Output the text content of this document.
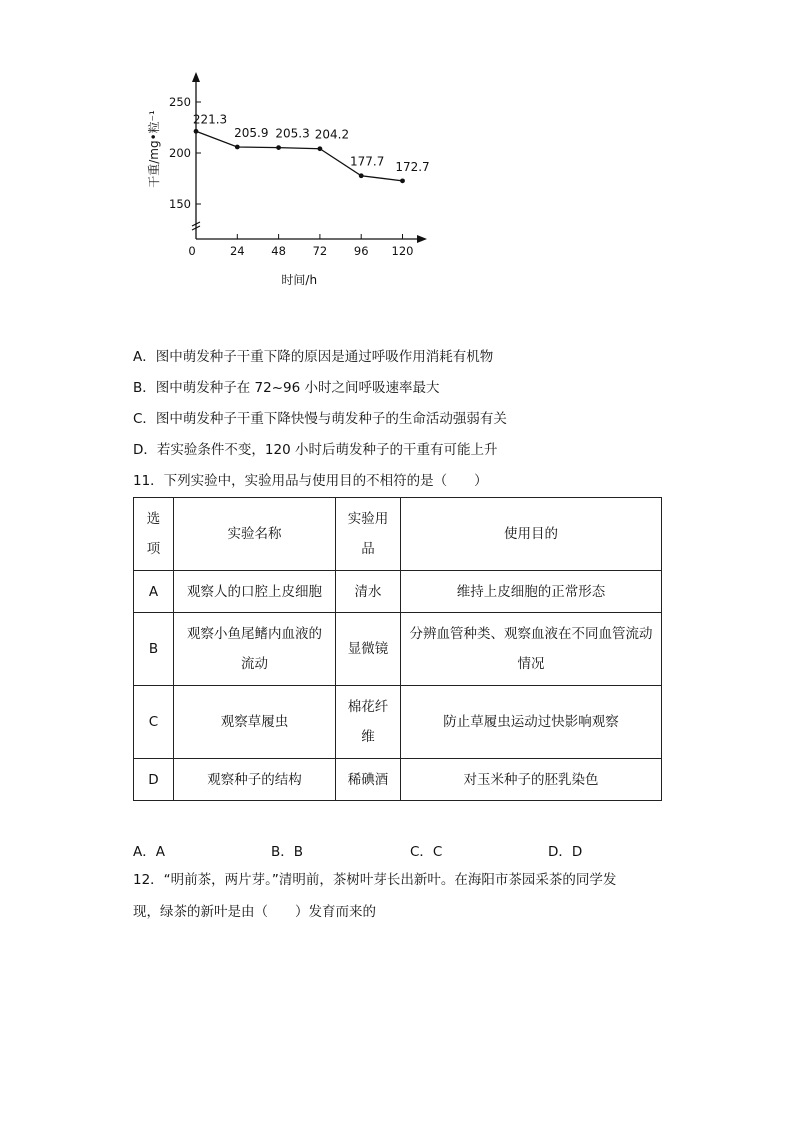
150
200
250
0	24 48 72 96 120
干重/mg•粒⁻¹
时间/h
221.3
205.9 205.3 204.2
177.7 172.7
A．图中萌发种子干重下降的原因是通过呼吸作用消耗有机物
B．图中萌发种子在 72~96 小时之间呼吸速率最大
C．图中萌发种子干重下降快慢与萌发种子的生命活动强弱有关
D．若实验条件不变，120 小时后萌发种子的干重有可能上升
11．下列实验中，实验用品与使用目的不相符的是（　　）
选项	实验名称	实验用品	使用目的
A	观察人的口腔上皮细胞	清水	维持上皮细胞的正常形态
B	观察小鱼尾鳍内血液的流动	显微镜	分辨血管种类、观察血液在不同血管流动情况
C	观察草履虫	棉花纤维	防止草履虫运动过快影响观察
D	观察种子的结构	稀碘酒	对玉米种子的胚乳染色
A．A	B．B	C．C	D．D
12．“明前茶，两片芽。”清明前，茶树叶芽长出新叶。在海阳市茶园采茶的同学发
现，绿茶的新叶是由（　　）发育而来的
